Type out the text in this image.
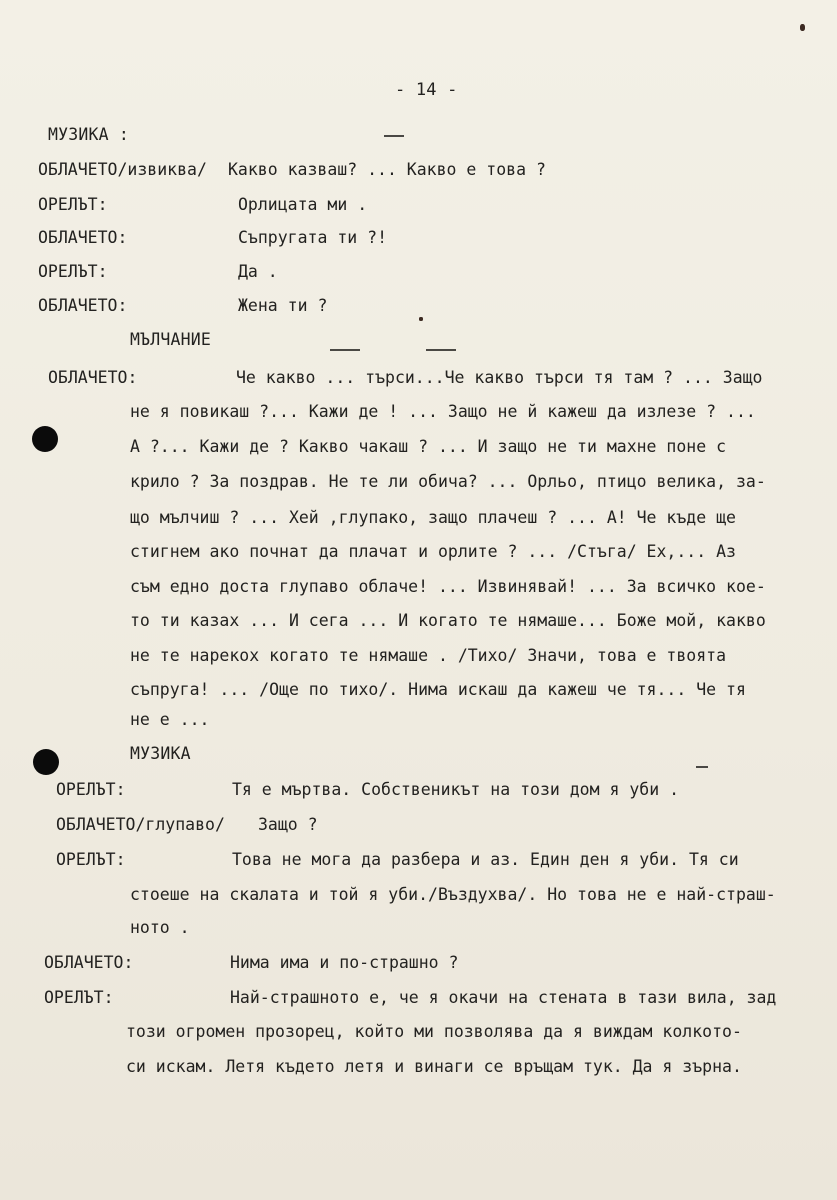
- 14 -
МУЗИКА :
ОБЛАЧЕТО/извиква/ Какво казваш? ... Какво е това ?
ОРЕЛЪТ:	Орлицата ми .
ОБЛАЧЕТО:	Съпругата ти ?!
ОРЕЛЪТ:	Да .
ОБЛАЧЕТО:	Жена ти ?
МЪЛЧАНИЕ
ОБЛАЧЕТО:	Че какво ... търси...Че какво търси тя там ? ... Защо
не я повикаш ?... Кажи де ! ... Защо не й кажеш да излезе ? ...
А ?... Кажи де ? Какво чакаш ? ... И защо не ти махне поне с
крило ? За поздрав. Не те ли обича? ... Орльо, птицо велика, за-
що мълчиш ? ... Хей ,глупако, защо плачеш ? ... А! Че къде ще
стигнем ако почнат да плачат и орлите ? ... /Стъга/ Ех,... Аз
съм едно доста глупаво облаче! ... Извинявай! ... За всичко кое-
то ти казах ... И сега ... И когато те нямаше... Боже мой, какво
не те нарекох когато те нямаше . /Тихо/ Значи, това е твоята
съпруга! ... /Още по тихо/. Нима искаш да кажеш че тя... Че тя
не е ...
МУЗИКА
ОРЕЛЪТ:	Тя е мъртва. Собственикът на този дом я уби .
ОБЛАЧЕТО/глупаво/ Защо ?
ОРЕЛЪТ:	Това не мога да разбера и аз. Един ден я уби. Тя си
стоеше на скалата и той я уби./Въздухва/. Но това не е най-страш-
ното .
ОБЛАЧЕТО:	Нима има и по-страшно ?
ОРЕЛЪТ:	Най-страшното е, че я окачи на стената в тази вила, зад
този огромен прозорец, който ми позволява да я виждам колкото-
си искам. Летя където летя и винаги се връщам тук. Да я зърна.
